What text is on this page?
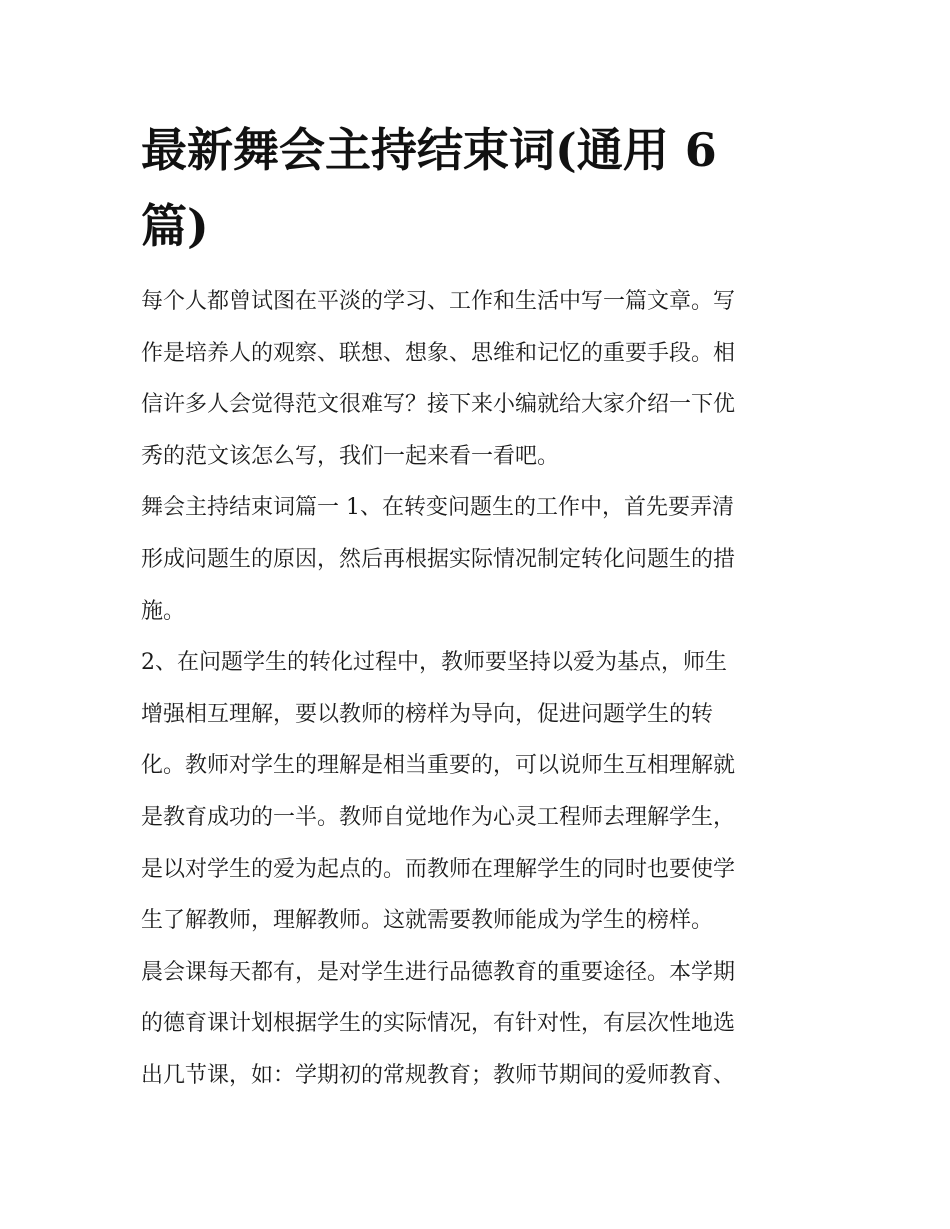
最新舞会主持结束词(通用 6
篇)
每个人都曾试图在平淡的学习、工作和生活中写一篇文章。写
作是培养人的观察、联想、想象、思维和记忆的重要手段。相
信许多人会觉得范文很难写？接下来小编就给大家介绍一下优
秀的范文该怎么写，我们一起来看一看吧。
舞会主持结束词篇一 1、在转变问题生的工作中，首先要弄清
形成问题生的原因，然后再根据实际情况制定转化问题生的措
施。
2、在问题学生的转化过程中，教师要坚持以爱为基点，师生
增强相互理解，要以教师的榜样为导向，促进问题学生的转
化。教师对学生的理解是相当重要的，可以说师生互相理解就
是教育成功的一半。教师自觉地作为心灵工程师去理解学生，
是以对学生的爱为起点的。而教师在理解学生的同时也要使学
生了解教师，理解教师。这就需要教师能成为学生的榜样。
晨会课每天都有，是对学生进行品德教育的重要途径。本学期
的德育课计划根据学生的实际情况，有针对性，有层次性地选
出几节课，如：学期初的常规教育；教师节期间的爱师教育、
